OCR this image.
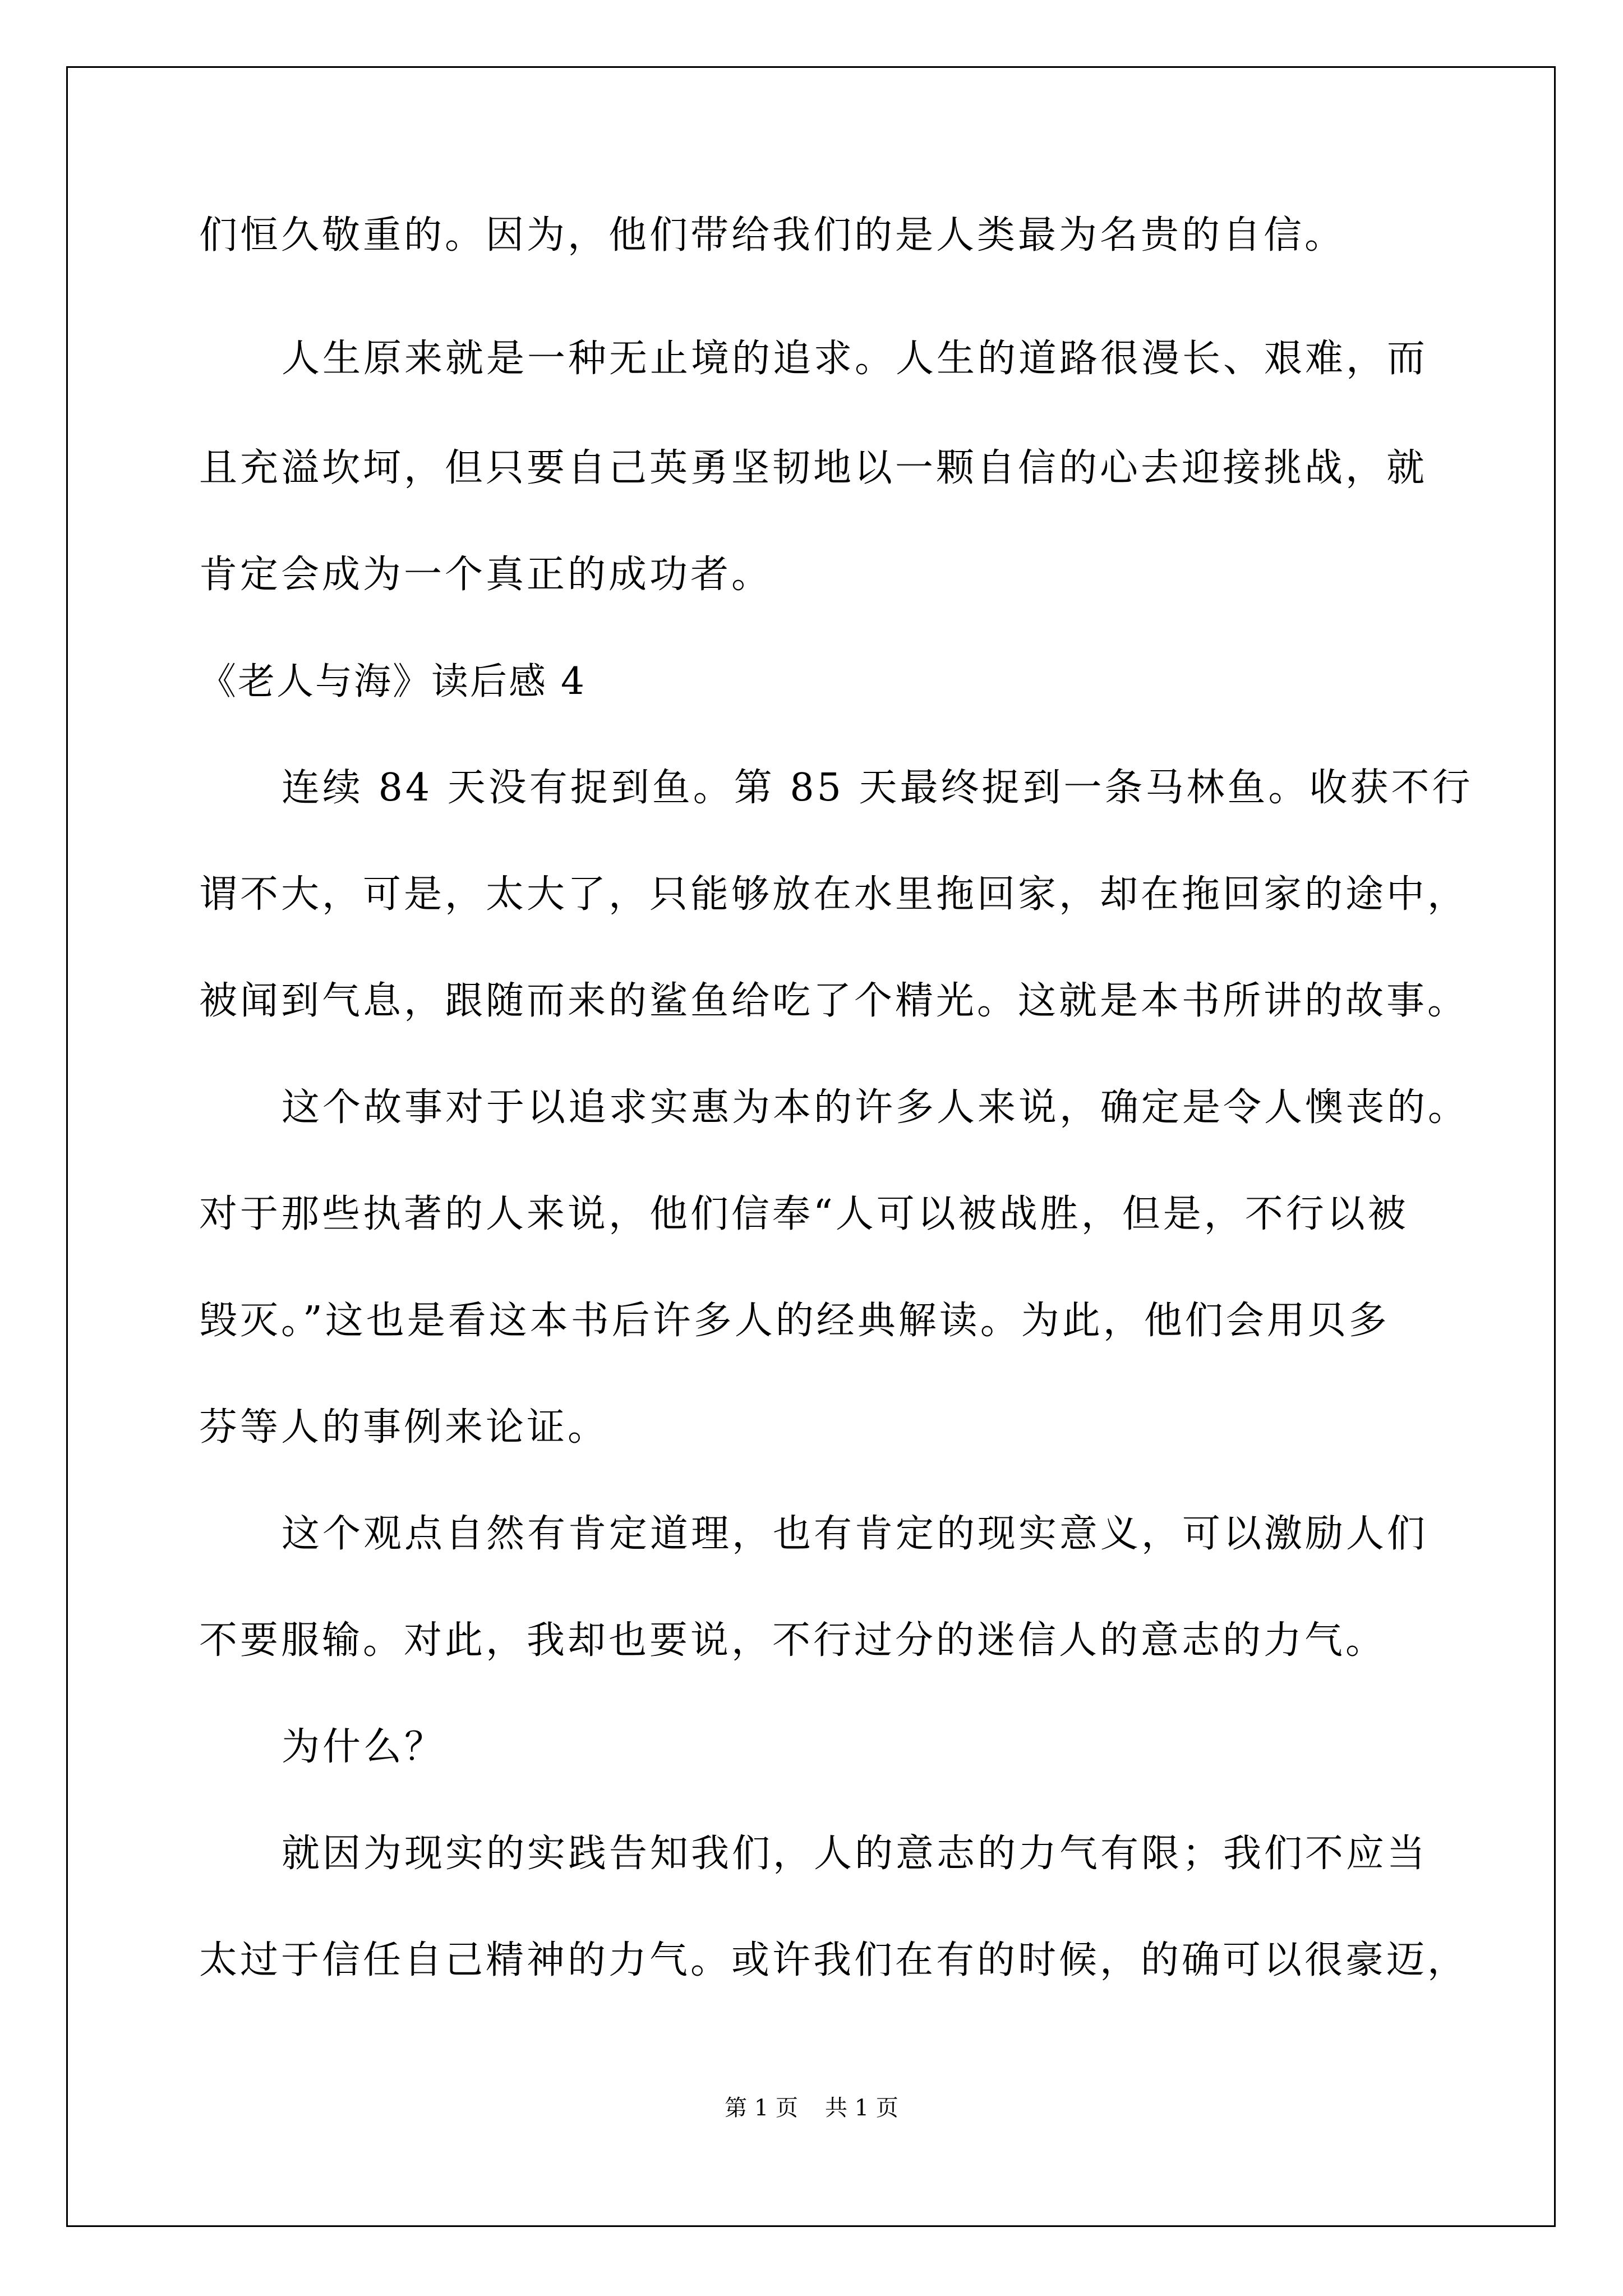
们恒久敬重的。因为，他们带给我们的是人类最为名贵的自信。
人生原来就是一种无止境的追求。人生的道路很漫长、艰难，而
且充溢坎坷，但只要自己英勇坚韧地以一颗自信的心去迎接挑战，就
肯定会成为一个真正的成功者。
《老人与海》读后感 4
连续 84 天没有捉到鱼。第 85 天最终捉到一条马林鱼。收获不行
谓不大，可是，太大了，只能够放在水里拖回家，却在拖回家的途中，
被闻到气息，跟随而来的鲨鱼给吃了个精光。这就是本书所讲的故事。
这个故事对于以追求实惠为本的许多人来说，确定是令人懊丧的。
对于那些执著的人来说，他们信奉“人可以被战胜，但是，不行以被
毁灭。”这也是看这本书后许多人的经典解读。为此，他们会用贝多
芬等人的事例来论证。
这个观点自然有肯定道理，也有肯定的现实意义，可以激励人们
不要服输。对此，我却也要说，不行过分的迷信人的意志的力气。
为什么？
就因为现实的实践告知我们，人的意志的力气有限；我们不应当
太过于信任自己精神的力气。或许我们在有的时候，的确可以很豪迈，
第 1 页 共 1 页
